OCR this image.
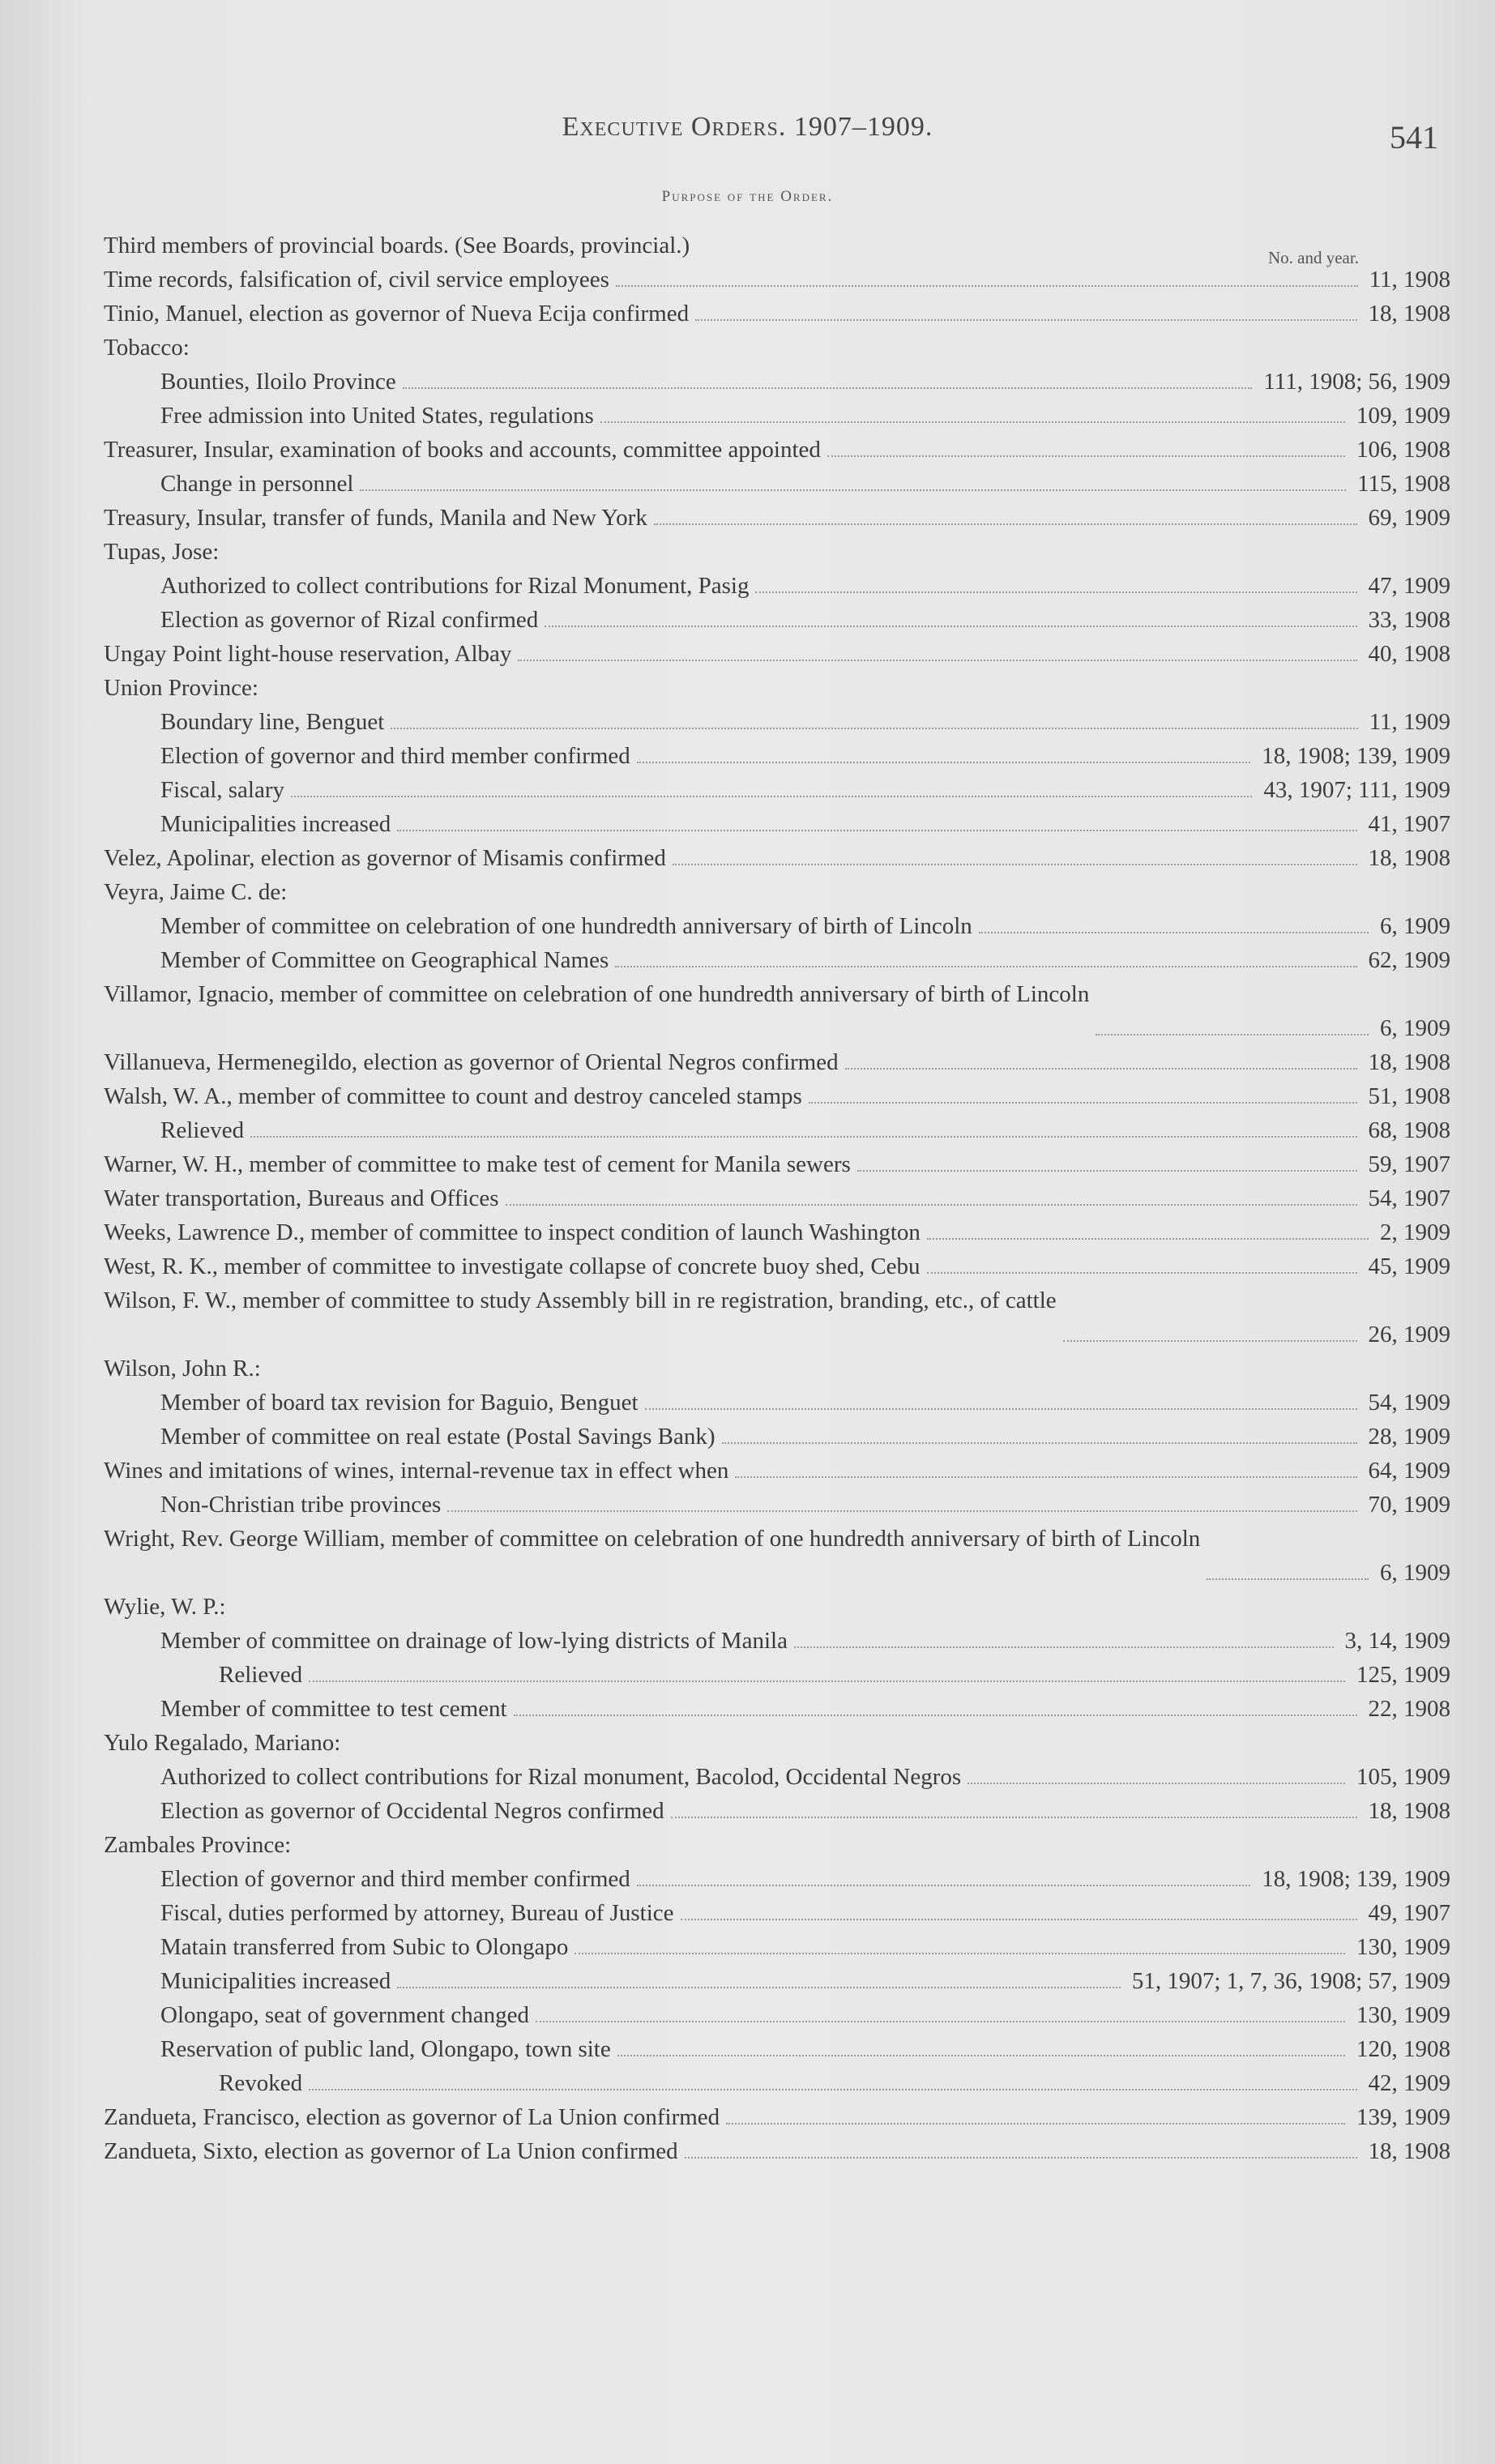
Executive Orders. 1907–1909.	541
Purpose of the Order.
No. and year.
Third members of provincial boards. (See Boards, provincial.)
Time records, falsification of, civil service employees	11, 1908
Tinio, Manuel, election as governor of Nueva Ecija confirmed	18, 1908
Tobacco:
Bounties, Iloilo Province	111, 1908; 56, 1909
Free admission into United States, regulations	109, 1909
Treasurer, Insular, examination of books and accounts, committee appointed	106, 1908
Change in personnel	115, 1908
Treasury, Insular, transfer of funds, Manila and New York	69, 1909
Tupas, Jose:
Authorized to collect contributions for Rizal Monument, Pasig	47, 1909
Election as governor of Rizal confirmed	33, 1908
Ungay Point light-house reservation, Albay	40, 1908
Union Province:
Boundary line, Benguet	11, 1909
Election of governor and third member confirmed	18, 1908; 139, 1909
Fiscal, salary	43, 1907; 111, 1909
Municipalities increased	41, 1907
Velez, Apolinar, election as governor of Misamis confirmed	18, 1908
Veyra, Jaime C. de:
Member of committee on celebration of one hundredth anniversary of birth of Lincoln	6, 1909
Member of Committee on Geographical Names	62, 1909
Villamor, Ignacio, member of committee on celebration of one hundredth anniversary of birth of Lincoln
6, 1909
Villanueva, Hermenegildo, election as governor of Oriental Negros confirmed	18, 1908
Walsh, W. A., member of committee to count and destroy canceled stamps	51, 1908
Relieved	68, 1908
Warner, W. H., member of committee to make test of cement for Manila sewers	59, 1907
Water transportation, Bureaus and Offices	54, 1907
Weeks, Lawrence D., member of committee to inspect condition of launch Washington	2, 1909
West, R. K., member of committee to investigate collapse of concrete buoy shed, Cebu	45, 1909
Wilson, F. W., member of committee to study Assembly bill in re registration, branding, etc., of cattle
26, 1909
Wilson, John R.:
Member of board tax revision for Baguio, Benguet	54, 1909
Member of committee on real estate (Postal Savings Bank)	28, 1909
Wines and imitations of wines, internal-revenue tax in effect when	64, 1909
Non-Christian tribe provinces	70, 1909
Wright, Rev. George William, member of committee on celebration of one hundredth anniversary of birth of Lincoln
6, 1909
Wylie, W. P.:
Member of committee on drainage of low-lying districts of Manila	3, 14, 1909
Relieved	125, 1909
Member of committee to test cement	22, 1908
Yulo Regalado, Mariano:
Authorized to collect contributions for Rizal monument, Bacolod, Occidental Negros	105, 1909
Election as governor of Occidental Negros confirmed	18, 1908
Zambales Province:
Election of governor and third member confirmed	18, 1908; 139, 1909
Fiscal, duties performed by attorney, Bureau of Justice	49, 1907
Matain transferred from Subic to Olongapo	130, 1909
Municipalities increased	51, 1907; 1, 7, 36, 1908; 57, 1909
Olongapo, seat of government changed	130, 1909
Reservation of public land, Olongapo, town site	120, 1908
Revoked	42, 1909
Zandueta, Francisco, election as governor of La Union confirmed	139, 1909
Zandueta, Sixto, election as governor of La Union confirmed	18, 1908
